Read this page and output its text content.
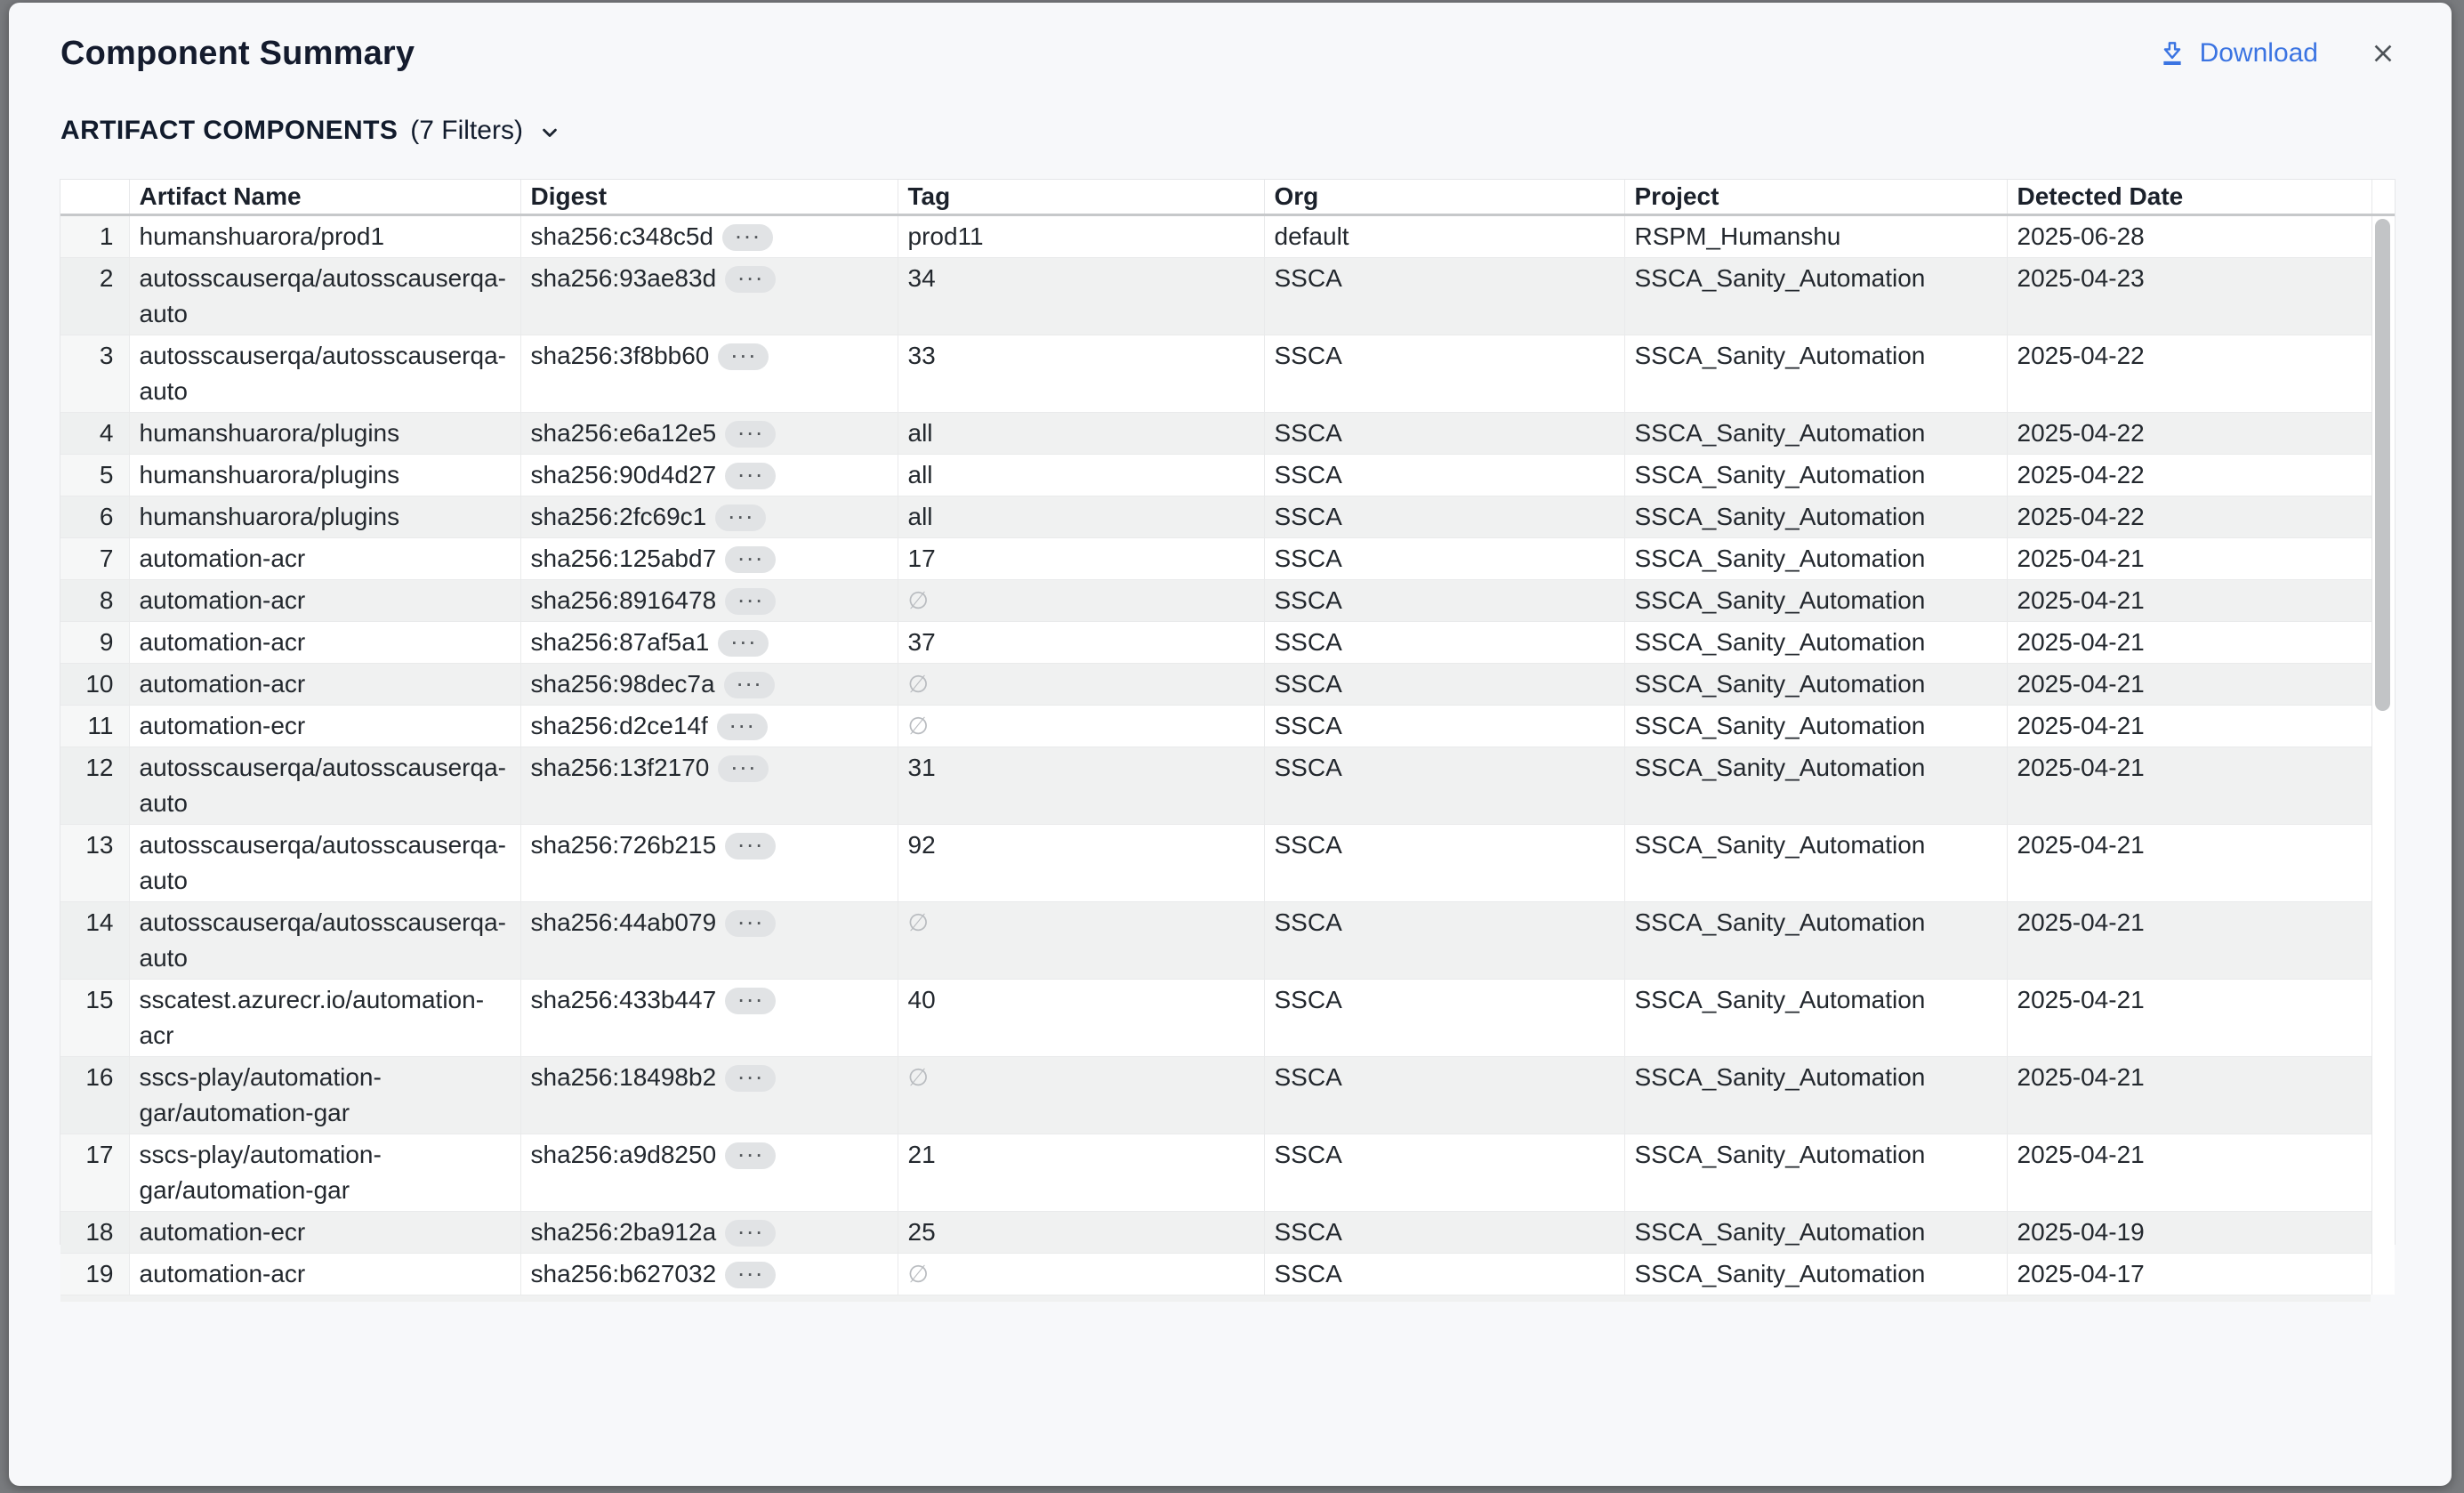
Component Summary	Download
ARTIFACT COMPONENTS (7 Filters)
	Artifact Name	Digest	Tag	Org	Project	Detected Date	
1	humanshuarora/prod1	sha256:c348c5d ···	prod11	default	RSPM_Humanshu	2025-06-28	
2	autosscauserqa/autosscauserqa-auto	sha256:93ae83d ···	34	SSCA	SSCA_Sanity_Automation	2025-04-23	
3	autosscauserqa/autosscauserqa-auto	sha256:3f8bb60 ···	33	SSCA	SSCA_Sanity_Automation	2025-04-22	
4	humanshuarora/plugins	sha256:e6a12e5 ···	all	SSCA	SSCA_Sanity_Automation	2025-04-22	
5	humanshuarora/plugins	sha256:90d4d27 ···	all	SSCA	SSCA_Sanity_Automation	2025-04-22	
6	humanshuarora/plugins	sha256:2fc69c1 ···	all	SSCA	SSCA_Sanity_Automation	2025-04-22	
7	automation-acr	sha256:125abd7 ···	17	SSCA	SSCA_Sanity_Automation	2025-04-21	
8	automation-acr	sha256:8916478 ···	∅	SSCA	SSCA_Sanity_Automation	2025-04-21	
9	automation-acr	sha256:87af5a1 ···	37	SSCA	SSCA_Sanity_Automation	2025-04-21	
10	automation-acr	sha256:98dec7a ···	∅	SSCA	SSCA_Sanity_Automation	2025-04-21	
11	automation-ecr	sha256:d2ce14f ···	∅	SSCA	SSCA_Sanity_Automation	2025-04-21	
12	autosscauserqa/autosscauserqa-auto	sha256:13f2170 ···	31	SSCA	SSCA_Sanity_Automation	2025-04-21	
13	autosscauserqa/autosscauserqa-auto	sha256:726b215 ···	92	SSCA	SSCA_Sanity_Automation	2025-04-21	
14	autosscauserqa/autosscauserqa-auto	sha256:44ab079 ···	∅	SSCA	SSCA_Sanity_Automation	2025-04-21	
15	sscatest.azurecr.io/automation-acr	sha256:433b447 ···	40	SSCA	SSCA_Sanity_Automation	2025-04-21	
16	sscs-play/automation-gar/automation-gar	sha256:18498b2 ···	∅	SSCA	SSCA_Sanity_Automation	2025-04-21	
17	sscs-play/automation-gar/automation-gar	sha256:a9d8250 ···	21	SSCA	SSCA_Sanity_Automation	2025-04-21	
18	automation-ecr	sha256:2ba912a ···	25	SSCA	SSCA_Sanity_Automation	2025-04-19	
19	automation-acr	sha256:b627032 ···	∅	SSCA	SSCA_Sanity_Automation	2025-04-17	
